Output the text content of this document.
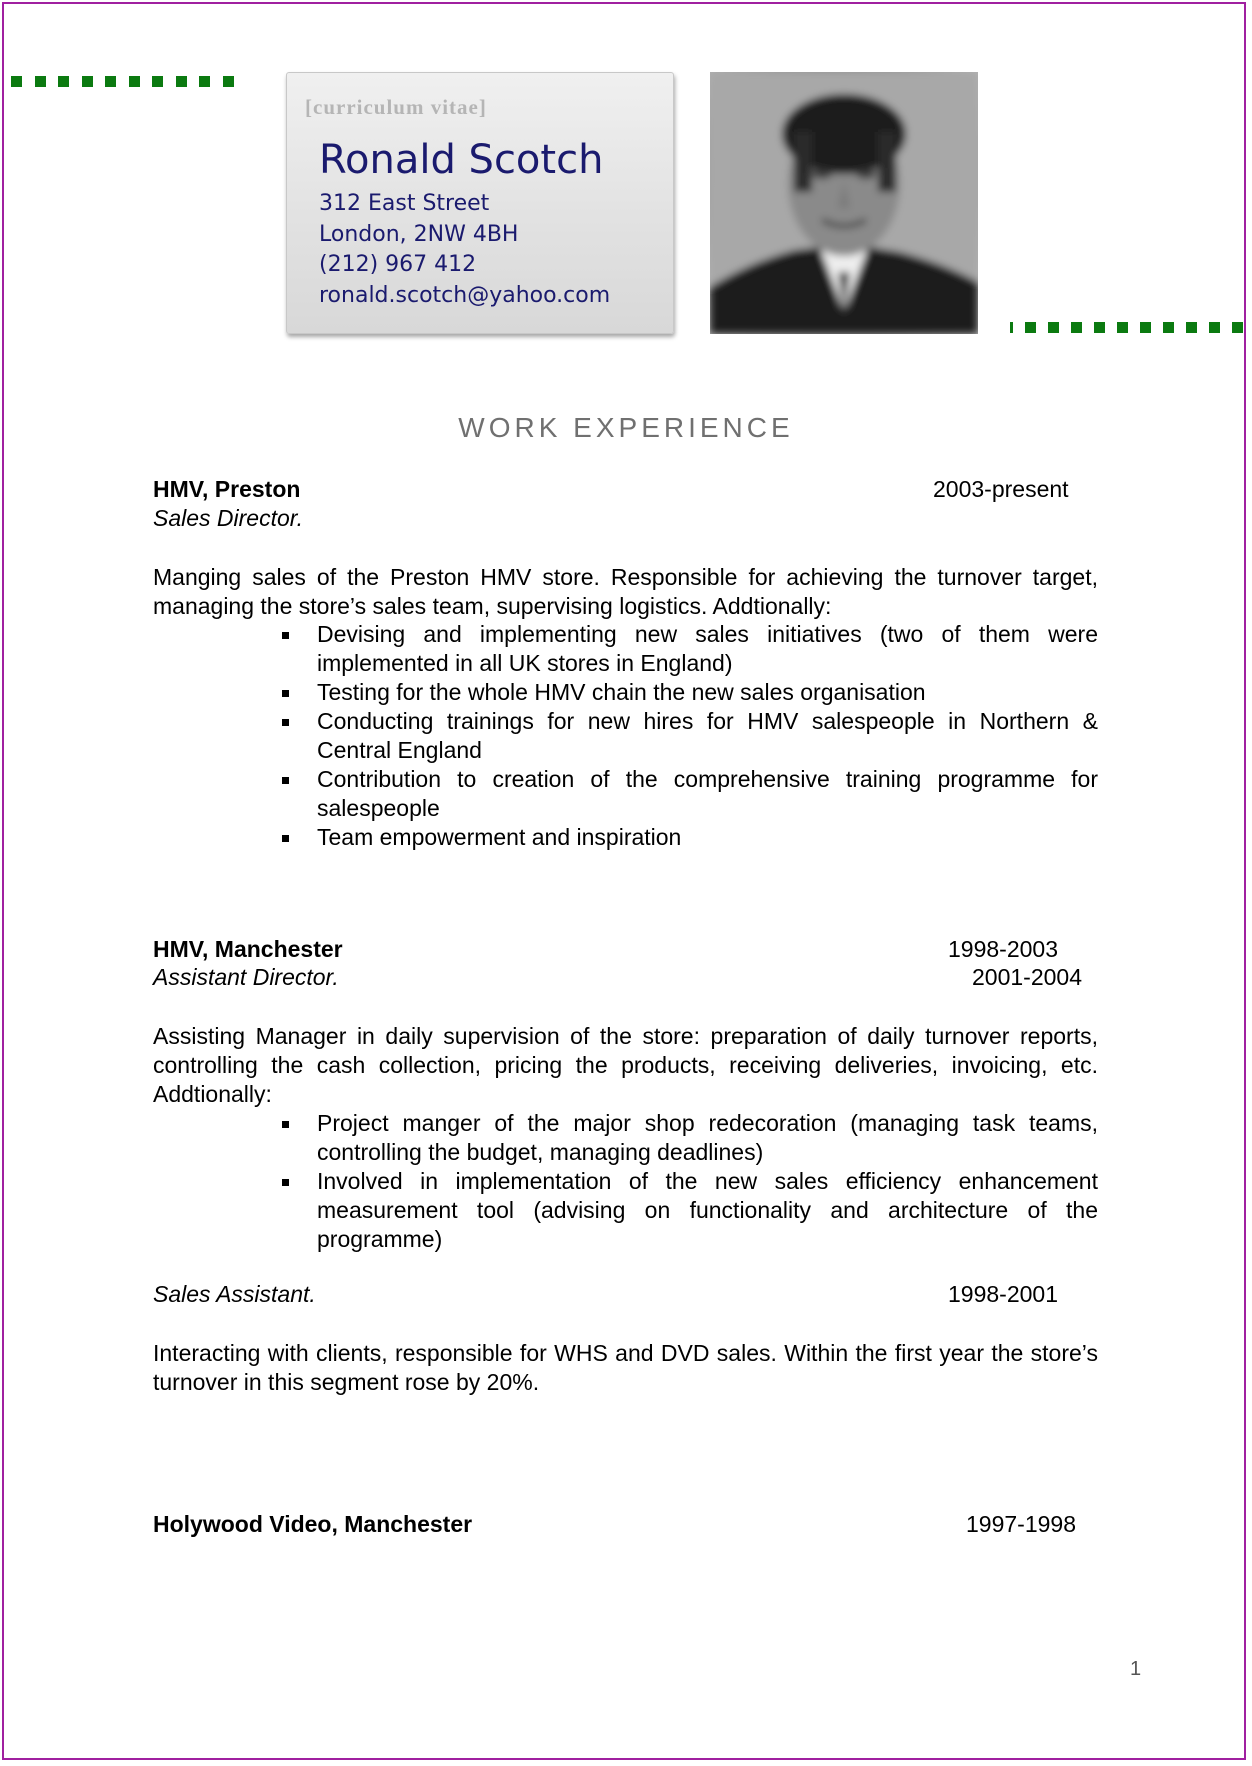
[curriculum vitae]
Ronald Scotch
312 East Street
London, 2NW 4BH
(212) 967 412
ronald.scotch@yahoo.com
WORK EXPERIENCE
HMV, Preston	2003-present
Sales Director.
Manging sales of the Preston HMV store. Responsible for achieving the turnover target, managing the store’s sales team, supervising logistics. Addtionally:
Devising and implementing new sales initiatives (two of them were implemented in all UK stores in England)
Testing for the whole HMV chain the new sales organisation
Conducting trainings for new hires for HMV salespeople in Northern & Central England
Contribution to creation of the comprehensive training programme for salespeople
Team empowerment and inspiration
HMV, Manchester	1998-2003
Assistant Director.	2001-2004
Assisting Manager in daily supervision of the store: preparation of daily turnover reports, controlling the cash collection, pricing the products, receiving deliveries, invoicing, etc. Addtionally:
Project manger of the major shop redecoration (managing task teams, controlling the budget, managing deadlines)
Involved in implementation of the new sales efficiency enhancement measurement tool (advising on functionality and architecture of the programme)
Sales Assistant.	1998-2001
Interacting with clients, responsible for WHS and DVD sales. Within the first year the store’s turnover in this segment rose by 20%.
Holywood Video, Manchester	1997-1998
1
